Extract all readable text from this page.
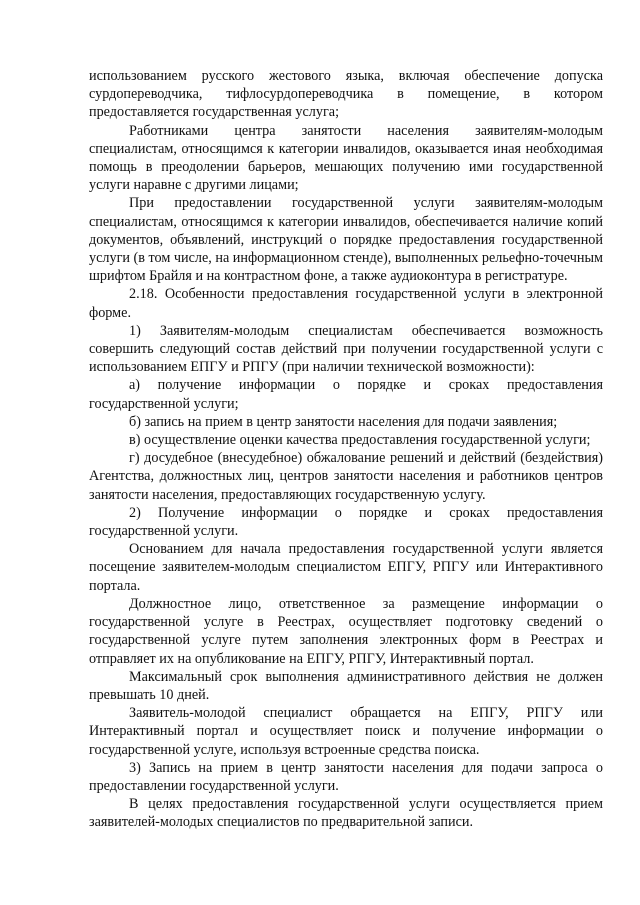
использованием русского жестового языка, включая обеспечение допуска сурдопереводчика, тифлосурдопереводчика в помещение, в котором предоставляется государственная услуга;

Работниками центра занятости населения заявителям-молодым специалистам, относящимся к категории инвалидов, оказывается иная необходимая помощь в преодолении барьеров, мешающих получению ими государственной услуги наравне с другими лицами;

При предоставлении государственной услуги заявителям-молодым специалистам, относящимся к категории инвалидов, обеспечивается наличие копий документов, объявлений, инструкций о порядке предоставления государственной услуги (в том числе, на информационном стенде), выполненных рельефно-точечным шрифтом Брайля и на контрастном фоне, а также аудиоконтура в регистратуре.

2.18. Особенности предоставления государственной услуги в электронной форме.

1) Заявителям-молодым специалистам обеспечивается возможность совершить следующий состав действий при получении государственной услуги с использованием ЕПГУ и РПГУ (при наличии технической возможности):

а) получение информации о порядке и сроках предоставления государственной услуги;

б) запись на прием в центр занятости населения для подачи заявления;

в) осуществление оценки качества предоставления государственной услуги;

г) досудебное (внесудебное) обжалование решений и действий (бездействия) Агентства, должностных лиц, центров занятости населения и работников центров занятости населения, предоставляющих государственную услугу.

2) Получение информации о порядке и сроках предоставления государственной услуги.

Основанием для начала предоставления государственной услуги является посещение заявителем-молодым специалистом ЕПГУ, РПГУ или Интерактивного портала.

Должностное лицо, ответственное за размещение информации о государственной услуге в Реестрах, осуществляет подготовку сведений о государственной услуге путем заполнения электронных форм в Реестрах и отправляет их на опубликование на ЕПГУ, РПГУ, Интерактивный портал.

Максимальный срок выполнения административного действия не должен превышать 10 дней.

Заявитель-молодой специалист обращается на ЕПГУ, РПГУ или Интерактивный портал и осуществляет поиск и получение информации о государственной услуге, используя встроенные средства поиска.

3) Запись на прием в центр занятости населения для подачи запроса о предоставлении государственной услуги.

В целях предоставления государственной услуги осуществляется прием заявителей-молодых специалистов по предварительной записи.
